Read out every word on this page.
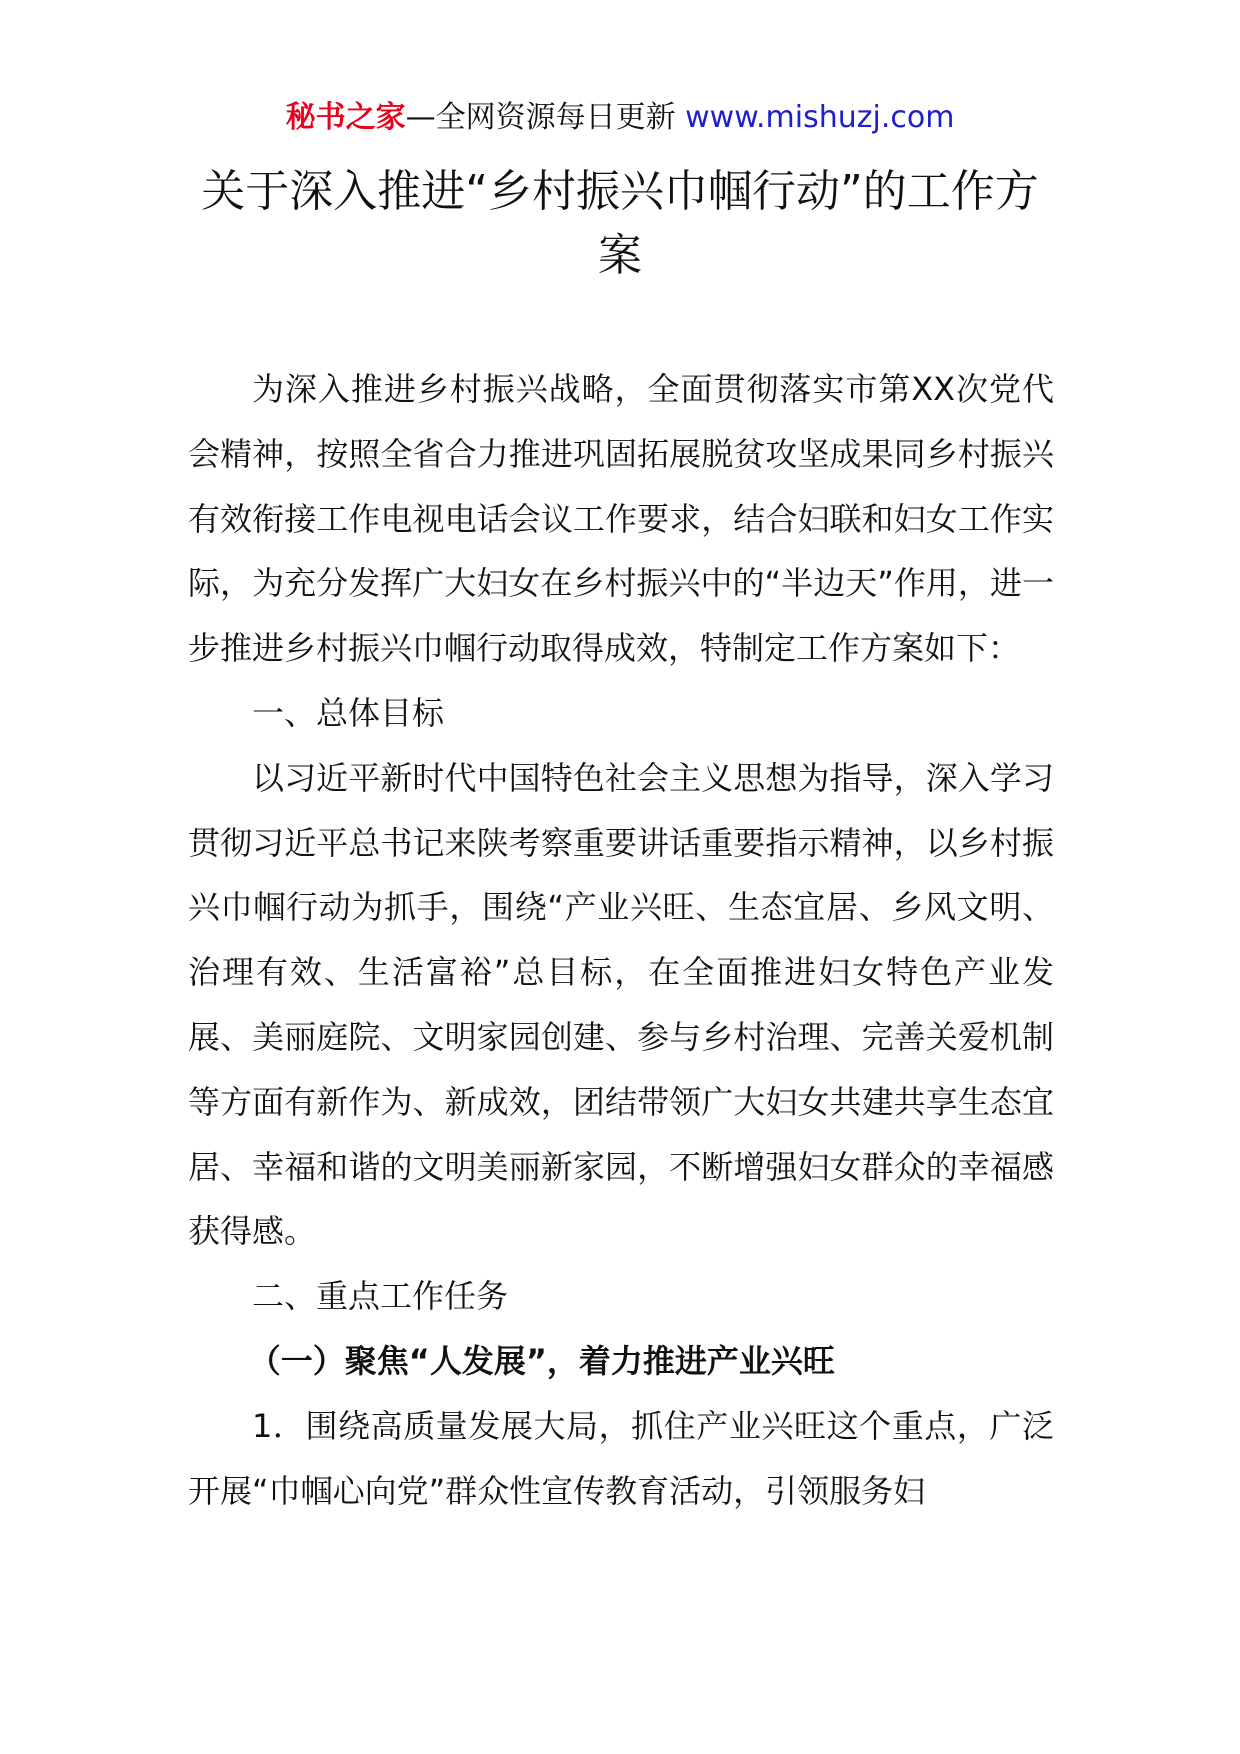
秘书之家—全网资源每日更新 www.mishuzj.com
关于深入推进“乡村振兴巾帼行动”的工作方案

为深入推进乡村振兴战略，全面贯彻落实市第XX次党代会精神，按照全省合力推进巩固拓展脱贫攻坚成果同乡村振兴有效衔接工作电视电话会议工作要求，结合妇联和妇女工作实际，为充分发挥广大妇女在乡村振兴中的“半边天”作用，进一步推进乡村振兴巾帼行动取得成效，特制定工作方案如下：

一、总体目标

以习近平新时代中国特色社会主义思想为指导，深入学习贯彻习近平总书记来陕考察重要讲话重要指示精神，以乡村振兴巾帼行动为抓手，围绕“产业兴旺、生态宜居、乡风文明、治理有效、生活富裕”总目标，在全面推进妇女特色产业发展、美丽庭院、文明家园创建、参与乡村治理、完善关爱机制等方面有新作为、新成效，团结带领广大妇女共建共享生态宜居、幸福和谐的文明美丽新家园，不断增强妇女群众的幸福感获得感。

二、重点工作任务

（一）聚焦“人发展”，着力推进产业兴旺

1．围绕高质量发展大局，抓住产业兴旺这个重点，广泛开展“巾帼心向党”群众性宣传教育活动，引领服务妇
